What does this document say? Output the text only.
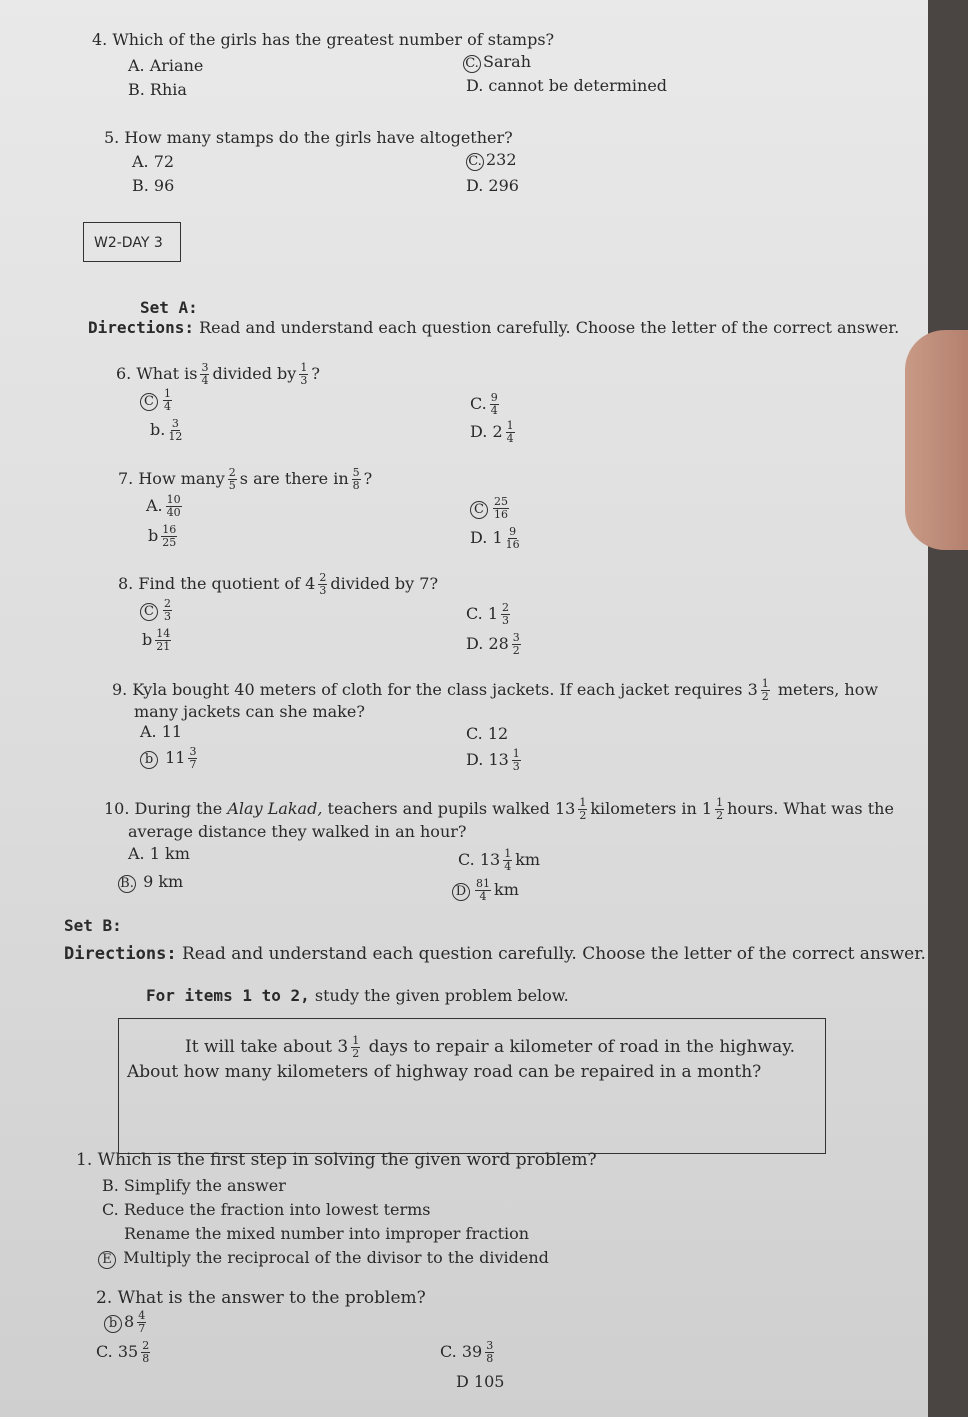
4. Which of the girls has the greatest number of stamps?
A. Ariane
B. Rhia
C. Sarah
D. cannot be determined
5. How many stamps do the girls have altogether?
A. 72
B. 96
C. 232
D. 296
W2-DAY 3
Set A:
Directions: Read and understand each question carefully. Choose the letter of the correct answer.
6. What is $\frac{3}{4}$ divided by $\frac{1}{3}$ ?
C $\frac{1}{4}$
b. $\frac{3}{12}$
C. $\frac{9}{4}$
D. $2 \frac{1}{4}$
7. How many $\frac{2}{5}$ s are there in $\frac{5}{8}$ ?
A. $\frac{10}{40}$
b $\frac{16}{25}$
C $\frac{25}{16}$
D. $1 \frac{9}{16}$
8. Find the quotient of $4 \frac{2}{3}$ divided by 7?
C $\frac{2}{3}$
b $\frac{14}{21}$
C. $1 \frac{2}{3}$
D. $28 \frac{3}{2}$
9. Kyla bought 40 meters of cloth for the class jackets. If each jacket requires $3 \frac{1}{2}$ meters, how
many jackets can she make?
A. 11
b $11 \frac{3}{7}$
C. 12
D. $13 \frac{1}{3}$
10. During the Alay Lakad, teachers and pupils walked $13 \frac{1}{2}$ kilometers in $1 \frac{1}{2}$ hours. What was the
average distance they walked in an hour?
A. 1 km
B. 9 km
C. $13 \frac{1}{4}$ km
D $\frac{81}{4}$ km
Set B:
Directions: Read and understand each question carefully. Choose the letter of the correct answer.
For items 1 to 2, study the given problem below.
It will take about $3 \frac{1}{2}$ days to repair a kilometer of road in the highway. About how many kilometers of highway road can be repaired in a month?
1. Which is the first step in solving the given word problem?
B. Simplify the answer
C. Reduce the fraction into lowest terms
Rename the mixed number into improper fraction
E Multiply the reciprocal of the divisor to the dividend
2. What is the answer to the problem?
b $8 \frac{4}{7}$
C. $35 \frac{2}{8}$	C. $39 \frac{3}{8}$
D 105
